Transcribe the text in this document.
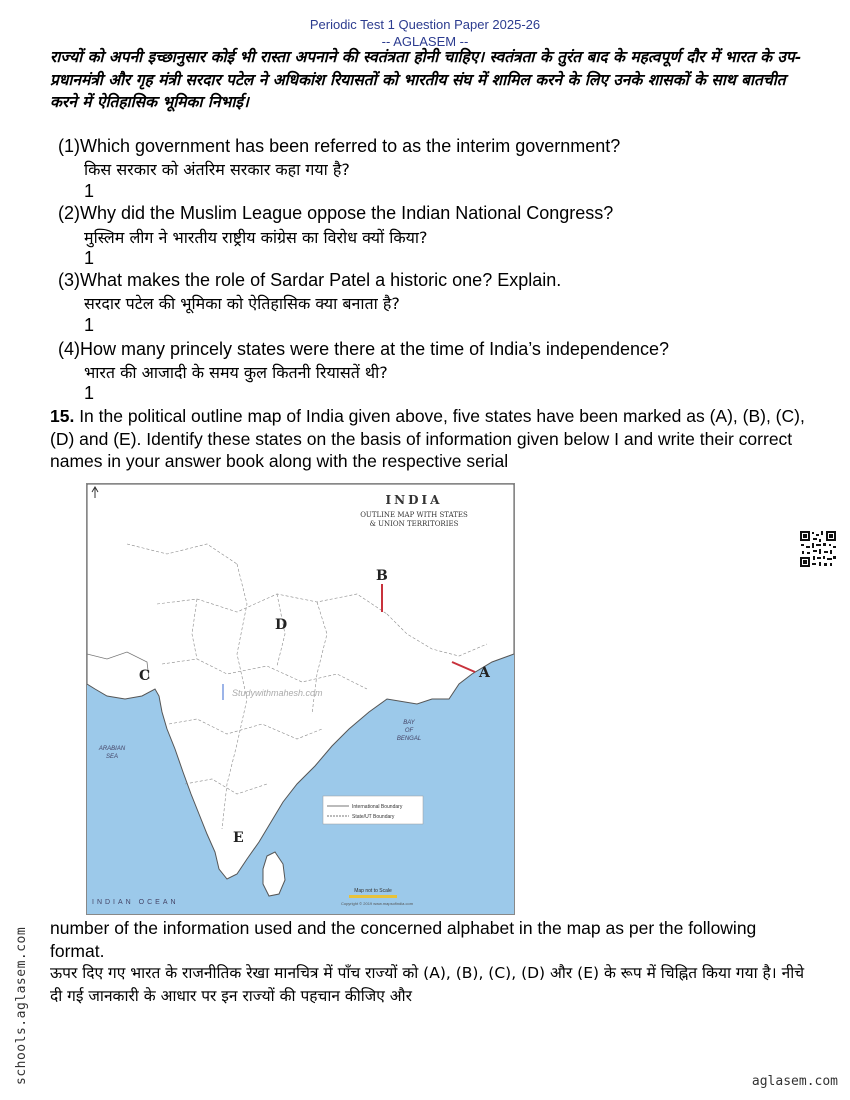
Periodic Test 1 Question Paper 2025-26
-- AGLASEM --
राज्यों को अपनी इच्छानुसार कोई भी रास्ता अपनाने की स्वतंत्रता होनी चाहिए। स्वतंत्रता के तुरंत बाद के महत्वपूर्ण दौर में भारत के उप-प्रधानमंत्री और गृह मंत्री सरदार पटेल ने अधिकांश रियासतों को भारतीय संघ में शामिल करने के लिए उनके शासकों के साथ बातचीत करने में ऐतिहासिक भूमिका निभाई।
(1)Which government has been referred to as the interim government?
किस सरकार को अंतरिम सरकार कहा गया है?
1
(2)Why did the Muslim League oppose the Indian National Congress?
मुस्लिम लीग ने भारतीय राष्ट्रीय कांग्रेस का विरोध क्यों किया?
1
(3)What makes the role of Sardar Patel a historic one? Explain.
सरदार पटेल की भूमिका को ऐतिहासिक क्या बनाता है?
1
(4)How many princely states were there at the time of India’s independence?
भारत की आजादी के समय कुल कितनी रियासतें थी?
1
15. In the political outline map of India given above, five states have been marked as (A), (B), (C), (D) and (E). Identify these states on the basis of information given below I and write their correct names in your answer book along with the respective serial
INDIA
OUTLINE MAP WITH STATES
& UNION TERRITORIES
B
A
D
C
E
Studywithmahesh.com
ARABIAN
SEA
BAY
OF
BENGAL
INDIAN OCEAN
International Boundary
State/UT Boundary
Map not to Scale
Copyright © 2019 www.mapsofindia.com
number of the information used and the concerned alphabet in the map as per the following format.
ऊपर दिए गए भारत के राजनीतिक रेखा मानचित्र में पाँच राज्यों को (A), (B), (C), (D) और (E) के रूप में चिह्नित किया गया है। नीचे दी गई जानकारी के आधार पर इन राज्यों की पहचान कीजिए और
schools.aglasem.com	aglasem.com
